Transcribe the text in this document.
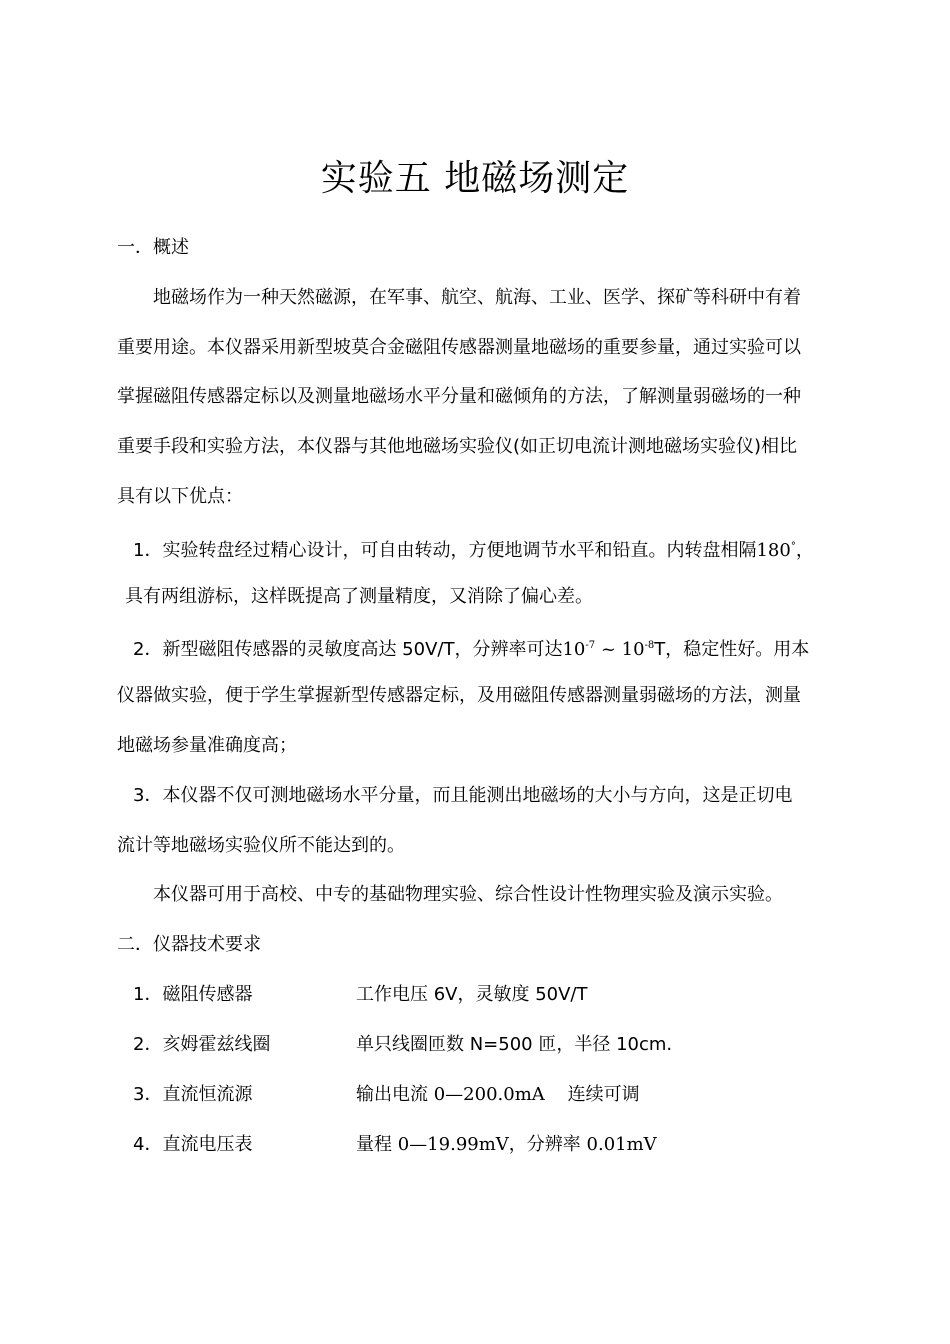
实验五 地磁场测定
一．概述
地磁场作为一种天然磁源，在军事、航空、航海、工业、医学、探矿等科研中有着
重要用途。本仪器采用新型坡莫合金磁阻传感器测量地磁场的重要参量，通过实验可以
掌握磁阻传感器定标以及测量地磁场水平分量和磁倾角的方法，了解测量弱磁场的一种
重要手段和实验方法，本仪器与其他地磁场实验仪(如正切电流计测地磁场实验仪)相比
具有以下优点：
1．实验转盘经过精心设计，可自由转动，方便地调节水平和铅直。内转盘相隔180°，
具有两组游标，这样既提高了测量精度，又消除了偏心差。
2．新型磁阻传感器的灵敏度高达 50V/T，分辨率可达$10^{-7}$ ~ $10^{-8}T$，稳定性好。用本
仪器做实验，便于学生掌握新型传感器定标，及用磁阻传感器测量弱磁场的方法，测量
地磁场参量准确度高；
3．本仪器不仅可测地磁场水平分量，而且能测出地磁场的大小与方向，这是正切电
流计等地磁场实验仪所不能达到的。
本仪器可用于高校、中专的基础物理实验、综合性设计性物理实验及演示实验。
二．仪器技术要求
1．磁阻传感器	工作电压 6V，灵敏度 50V/T
2．亥姆霍兹线圈	单只线圈匝数 N=500 匝，半径 10cm.
3．直流恒流源	输出电流 0—200.0mA    连续可调
4．直流电压表	量程 0—19.99mV，分辨率 0.01mV
